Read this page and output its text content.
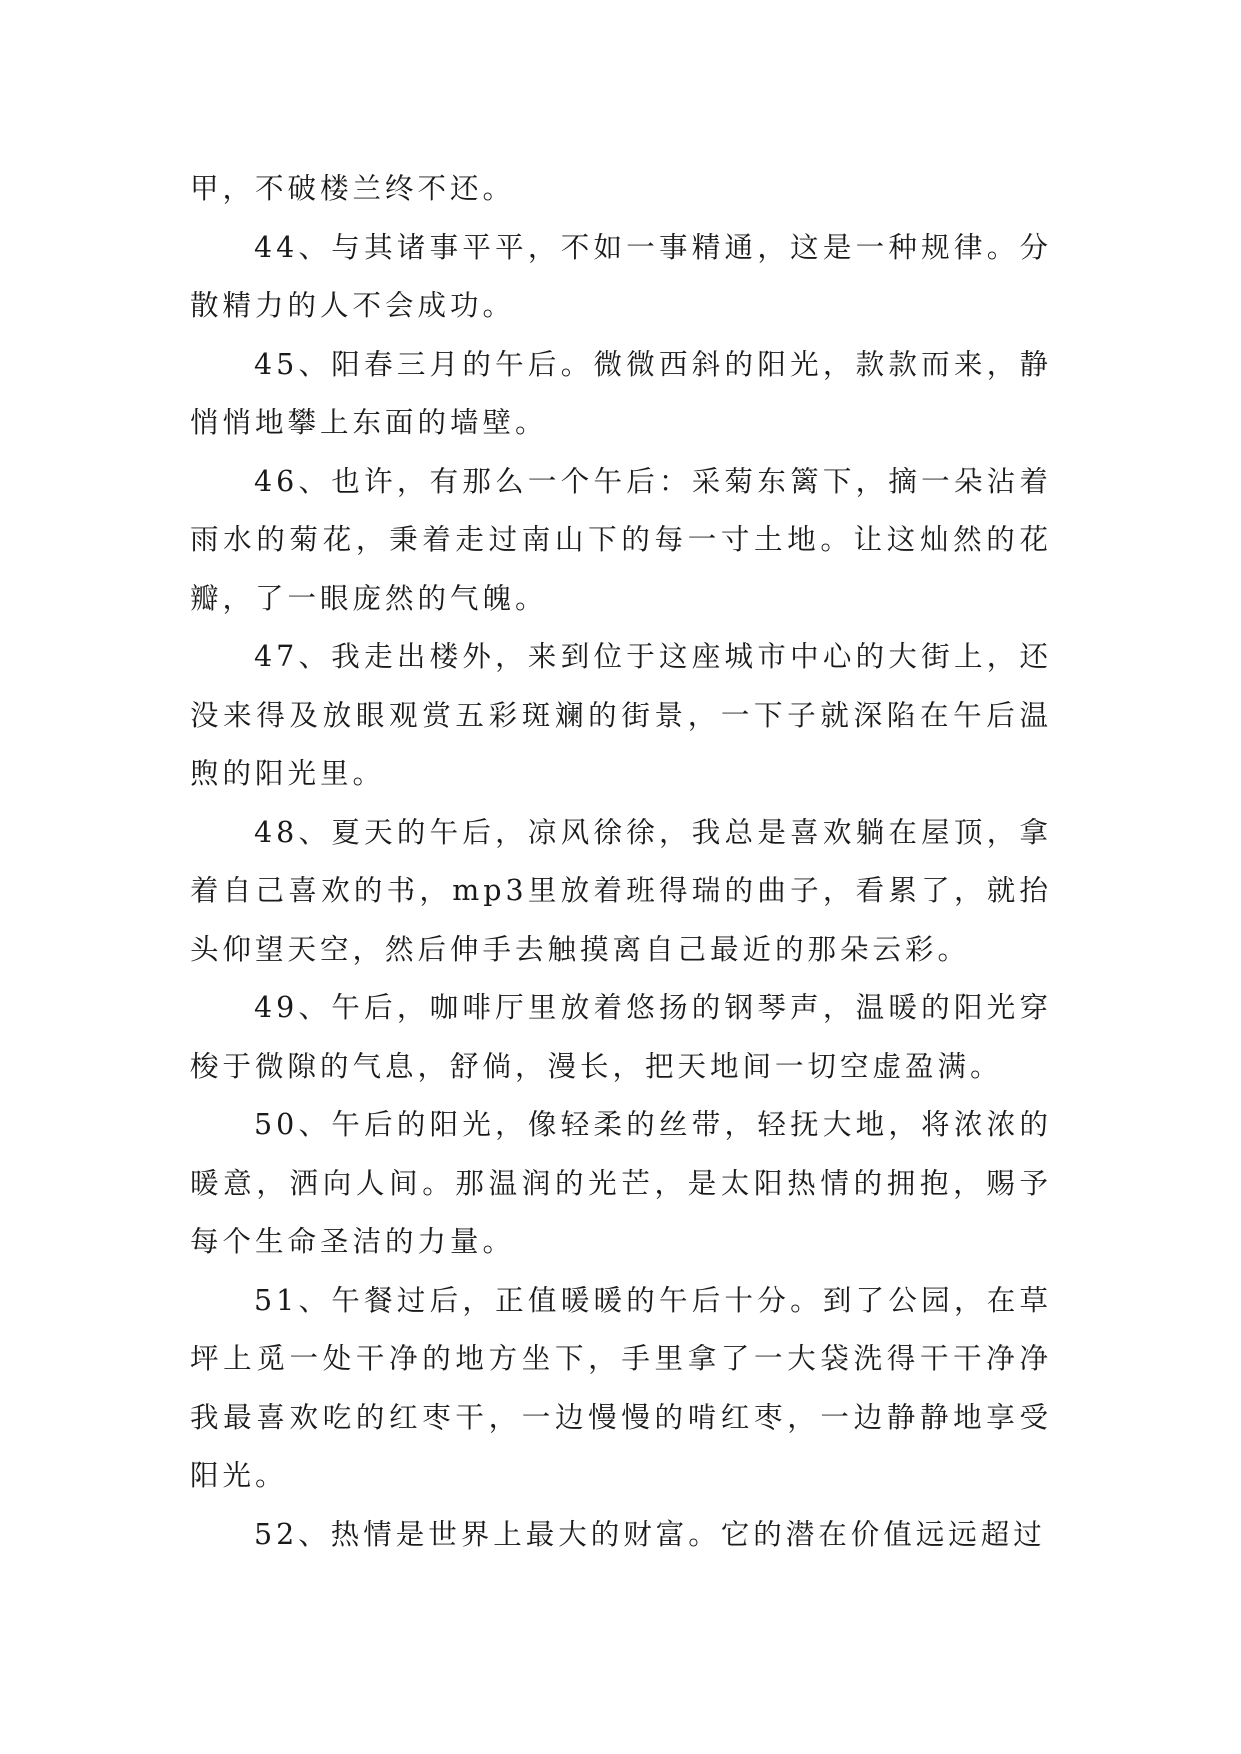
甲，不破楼兰终不还。

44、与其诸事平平，不如一事精通，这是一种规律。分散精力的人不会成功。

45、阳春三月的午后。微微西斜的阳光，款款而来，静悄悄地攀上东面的墙壁。

46、也许，有那么一个午后：采菊东篱下，摘一朵沾着雨水的菊花，秉着走过南山下的每一寸土地。让这灿然的花瓣，了一眼庞然的气魄。

47、我走出楼外，来到位于这座城市中心的大街上，还没来得及放眼观赏五彩斑斓的街景，一下子就深陷在午后温煦的阳光里。

48、夏天的午后，凉风徐徐，我总是喜欢躺在屋顶，拿着自己喜欢的书，mp3里放着班得瑞的曲子，看累了，就抬头仰望天空，然后伸手去触摸离自己最近的那朵云彩。

49、午后，咖啡厅里放着悠扬的钢琴声，温暖的阳光穿梭于微隙的气息，舒倘，漫长，把天地间一切空虚盈满。

50、午后的阳光，像轻柔的丝带，轻抚大地，将浓浓的暖意，洒向人间。那温润的光芒，是太阳热情的拥抱，赐予每个生命圣洁的力量。

51、午餐过后，正值暖暖的午后十分。到了公园，在草坪上觅一处干净的地方坐下，手里拿了一大袋洗得干干净净我最喜欢吃的红枣干，一边慢慢的啃红枣，一边静静地享受阳光。

52、热情是世界上最大的财富。它的潜在价值远远超过
